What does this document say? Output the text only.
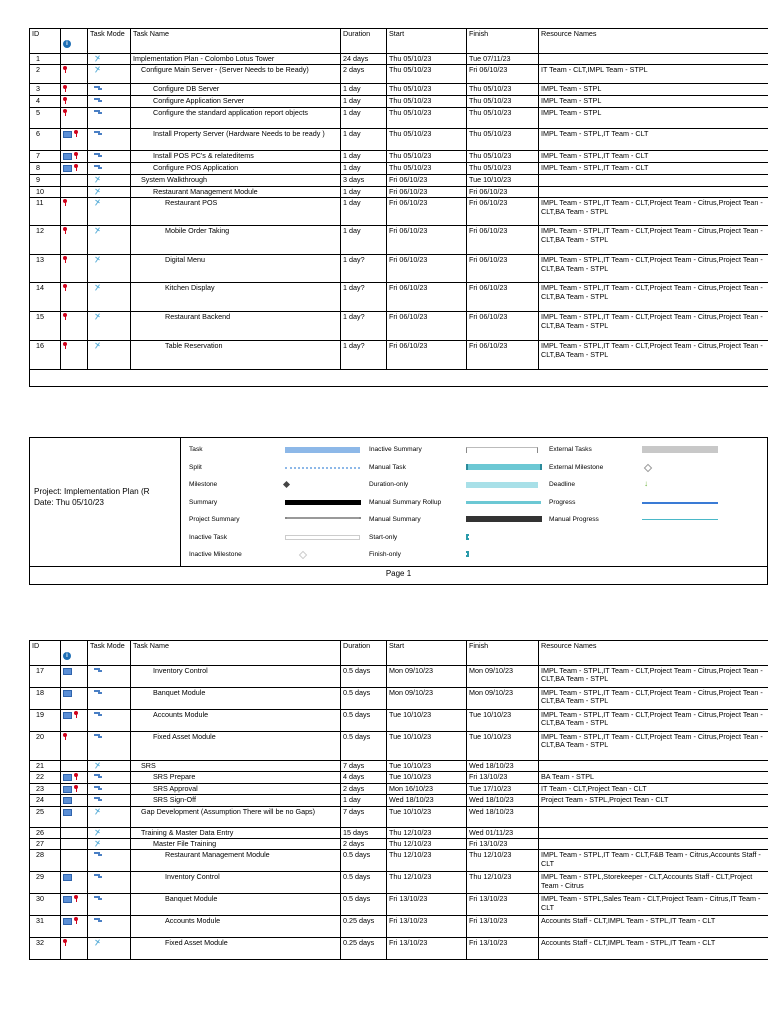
ID	i	Task Mode	Task Name	Duration	Start	Finish	Resource Names
1			Implementation Plan - Colombo Lotus Tower	24 days	Thu 05/10/23	Tue 07/11/23	
2			Configure Main Server - (Server Needs to be Ready)	2 days	Thu 05/10/23	Fri 06/10/23	IT Team - CLT,IMPL Team - STPL
3			Configure DB Server	1 day	Thu 05/10/23	Thu 05/10/23	IMPL Team - STPL
4			Configure Application Server	1 day	Thu 05/10/23	Thu 05/10/23	IMPL Team - STPL
5			Configure the standard application report objects	1 day	Thu 05/10/23	Thu 05/10/23	IMPL Team - STPL
6			Install Property Server (Hardware Needs to be ready )	1 day	Thu 05/10/23	Thu 05/10/23	IMPL Team - STPL,IT Team - CLT
7			Install POS PC's & relateditems	1 day	Thu 05/10/23	Thu 05/10/23	IMPL Team - STPL,IT Team - CLT
8			Configure POS Application	1 day	Thu 05/10/23	Thu 05/10/23	IMPL Team - STPL,IT Team - CLT
9			System Walkthrough	3 days	Fri 06/10/23	Tue 10/10/23	
10			Restaurant Management Module	1 day	Fri 06/10/23	Fri 06/10/23	
11			Restaurant POS	1 day	Fri 06/10/23	Fri 06/10/23	IMPL Team - STPL,IT Team - CLT,Project Team - Citrus,Project Tean - CLT,BA Team - STPL
12			Mobile Order Taking	1 day	Fri 06/10/23	Fri 06/10/23	IMPL Team - STPL,IT Team - CLT,Project Team - Citrus,Project Tean - CLT,BA Team - STPL
13			Digital Menu	1 day?	Fri 06/10/23	Fri 06/10/23	IMPL Team - STPL,IT Team - CLT,Project Team - Citrus,Project Tean - CLT,BA Team - STPL
14			Kitchen Display	1 day?	Fri 06/10/23	Fri 06/10/23	IMPL Team - STPL,IT Team - CLT,Project Team - Citrus,Project Tean - CLT,BA Team - STPL
15			Restaurant Backend	1 day?	Fri 06/10/23	Fri 06/10/23	IMPL Team - STPL,IT Team - CLT,Project Team - Citrus,Project Tean - CLT,BA Team - STPL
16			Table Reservation	1 day?	Fri 06/10/23	Fri 06/10/23	IMPL Team - STPL,IT Team - CLT,Project Team - Citrus,Project Tean - CLT,BA Team - STPL

Project: Implementation Plan (R
Date: Thu 05/10/23
Page 1
Task
Split
Milestone
Summary
Project Summary
Inactive Task
Inactive Milestone
Inactive Summary
Manual Task
Duration-only
Manual Summary Rollup
Manual Summary
Start-only
Finish-only
External Tasks
External Milestone
Deadline
Progress
Manual Progress
↓
ID	i	Task Mode	Task Name	Duration	Start	Finish	Resource Names
17			Inventory Control	0.5 days	Mon 09/10/23	Mon 09/10/23	IMPL Team - STPL,IT Team - CLT,Project Team - Citrus,Project Tean - CLT,BA Team - STPL
18			Banquet Module	0.5 days	Mon 09/10/23	Mon 09/10/23	IMPL Team - STPL,IT Team - CLT,Project Team - Citrus,Project Tean - CLT,BA Team - STPL
19			Accounts Module	0.5 days	Tue 10/10/23	Tue 10/10/23	IMPL Team - STPL,IT Team - CLT,Project Team - Citrus,Project Tean - CLT,BA Team - STPL
20			Fixed Asset Module	0.5 days	Tue 10/10/23	Tue 10/10/23	IMPL Team - STPL,IT Team - CLT,Project Team - Citrus,Project Tean - CLT,BA Team - STPL
21			SRS	7 days	Tue 10/10/23	Wed 18/10/23	
22			SRS Prepare	4 days	Tue 10/10/23	Fri 13/10/23	BA Team - STPL
23			SRS Approval	2 days	Mon 16/10/23	Tue 17/10/23	IT Team - CLT,Project Tean - CLT
24			SRS Sign-Off	1 day	Wed 18/10/23	Wed 18/10/23	Project Team - STPL,Project Tean - CLT
25			Gap Development (Assumption There will be no Gaps)	7 days	Tue 10/10/23	Wed 18/10/23	
26			Training & Master Data Entry	15 days	Thu 12/10/23	Wed 01/11/23	
27			Master File Training	2 days	Thu 12/10/23	Fri 13/10/23	
28			Restaurant Management Module	0.5 days	Thu 12/10/23	Thu 12/10/23	IMPL Team - STPL,IT Team - CLT,F&B Team - Citrus,Accounts Staff - CLT
29			Inventory Control	0.5 days	Thu 12/10/23	Thu 12/10/23	IMPL Team - STPL,Storekeeper - CLT,Accounts Staff - CLT,Project Team - Citrus
30			Banquet Module	0.5 days	Fri 13/10/23	Fri 13/10/23	IMPL Team - STPL,Sales Team - CLT,Project Team - Citrus,IT Team - CLT
31			Accounts Module	0.25 days	Fri 13/10/23	Fri 13/10/23	Accounts Staff - CLT,IMPL Team - STPL,IT Team - CLT
32			Fixed Asset Module	0.25 days	Fri 13/10/23	Fri 13/10/23	Accounts Staff - CLT,IMPL Team - STPL,IT Team - CLT
